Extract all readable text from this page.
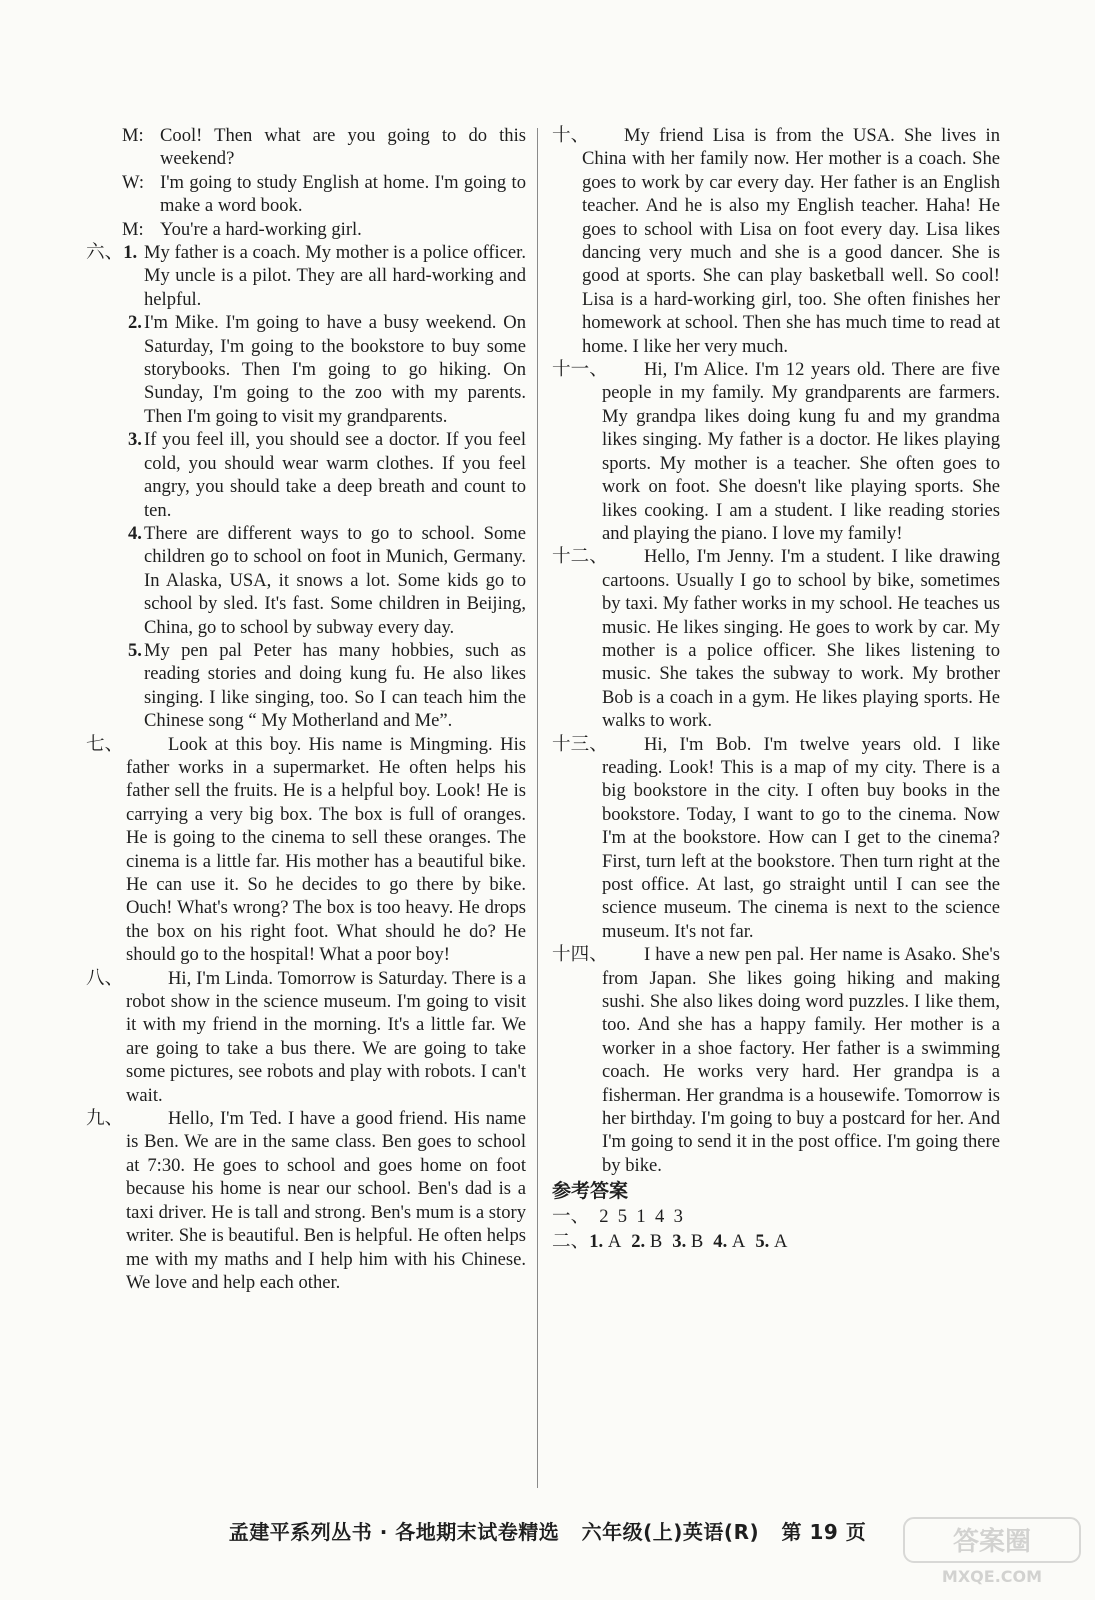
M: Cool! Then what are you going to do this weekend?
W: I'm going to study English at home. I'm going to make a word book.
M: You're a hard-working girl.
六、1. My father is a coach. My mother is a police officer. My uncle is a pilot. They are all hard-working and helpful.
2. I'm Mike. I'm going to have a busy weekend. On Saturday, I'm going to the bookstore to buy some storybooks. Then I'm going to go hiking. On Sunday, I'm going to the zoo with my parents. Then I'm going to visit my grandparents.
3. If you feel ill, you should see a doctor. If you feel cold, you should wear warm clothes. If you feel angry, you should take a deep breath and count to ten.
4. There are different ways to go to school. Some children go to school on foot in Munich, Germany. In Alaska, USA, it snows a lot. Some kids go to school by sled. It's fast. Some children in Beijing, China, go to school by subway every day.
5. My pen pal Peter has many hobbies, such as reading stories and doing kung fu. He also likes singing. I like singing, too. So I can teach him the Chinese song “ My Motherland and Me”.
七、	Look at this boy. His name is Mingming. His father works in a supermarket. He often helps his father sell the fruits. He is a helpful boy. Look! He is carrying a very big box. The box is full of oranges. He is going to the cinema to sell these oranges. The cinema is a little far. His mother has a beautiful bike. He can use it. So he decides to go there by bike. Ouch! What's wrong? The box is too heavy. He drops the box on his right foot. What should he do? He should go to the hospital! What a poor boy!
八、	Hi, I'm Linda. Tomorrow is Saturday. There is a robot show in the science museum. I'm going to visit it with my friend in the morning. It's a little far. We are going to take a bus there. We are going to take some pictures, see robots and play with robots. I can't wait.
九、	Hello, I'm Ted. I have a good friend. His name is Ben. We are in the same class. Ben goes to school at 7:30. He goes to school and goes home on foot because his home is near our school. Ben's dad is a taxi driver. He is tall and strong. Ben's mum is a story writer. She is beautiful. Ben is helpful. He often helps me with my maths and I help him with his Chinese. We love and help each other.
十、	My friend Lisa is from the USA. She lives in China with her family now. Her mother is a coach. She goes to work by car every day. Her father is an English teacher. And he is also my English teacher. Haha! He goes to school with Lisa on foot every day. Lisa likes dancing very much and she is a good dancer. She is good at sports. She can play basketball well. So cool! Lisa is a hard-working girl, too. She often finishes her homework at school. Then she has much time to read at home. I like her very much.
十一、	Hi, I'm Alice. I'm 12 years old. There are five people in my family. My grandparents are farmers. My grandpa likes doing kung fu and my grandma likes singing. My father is a doctor. He likes playing sports. My mother is a teacher. She often goes to work on foot. She doesn't like playing sports. She likes cooking. I am a student. I like reading stories and playing the piano. I love my family!
十二、	Hello, I'm Jenny. I'm a student. I like drawing cartoons. Usually I go to school by bike, sometimes by taxi. My father works in my school. He teaches us music. He likes singing. He goes to work by car. My mother is a police officer. She likes listening to music. She takes the subway to work. My brother Bob is a coach in a gym. He likes playing sports. He walks to work.
十三、	Hi, I'm Bob. I'm twelve years old. I like reading. Look! This is a map of my city. There is a big bookstore in the city. I often buy books in the bookstore. Today, I want to go to the cinema. Now I'm at the bookstore. How can I get to the cinema? First, turn left at the bookstore. Then turn right at the post office. At last, go straight until I can see the science museum. The cinema is next to the science museum. It's not far.
十四、	I have a new pen pal. Her name is Asako. She's from Japan. She likes going hiking and making sushi. She also likes doing word puzzles. I like them, too. And she has a happy family. Her mother is a worker in a shoe factory. Her father is a swimming coach. He works very hard. Her grandpa is a fisherman. Her grandma is a housewife. Tomorrow is her birthday. I'm going to buy a postcard for her. And I'm going to send it in the post office. I'm going there by bike.
参考答案
一、 2  5  1  4  3
二、1. A 2. B 3. B 4. A 5. A
孟建平系列丛书 · 各地期末试卷精选   六年级(上)英语(R)   第 19 页	答案圈
MXQE.COM
